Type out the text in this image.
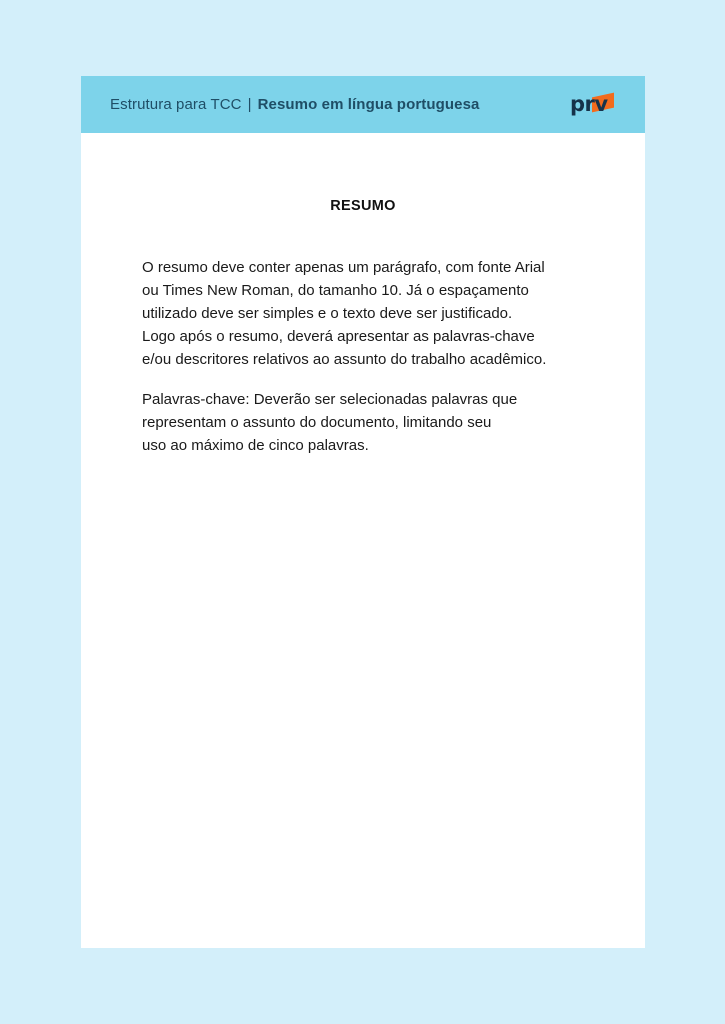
Estrutura para TCC | Resumo em língua portuguesa	prv
RESUMO

O resumo deve conter apenas um parágrafo, com fonte Arial
ou Times New Roman, do tamanho 10. Já o espaçamento
utilizado deve ser simples e o texto deve ser justificado.
Logo após o resumo, deverá apresentar as palavras-chave
e/ou descritores relativos ao assunto do trabalho acadêmico.

Palavras-chave: Deverão ser selecionadas palavras que
representam o assunto do documento, limitando seu
uso ao máximo de cinco palavras.
